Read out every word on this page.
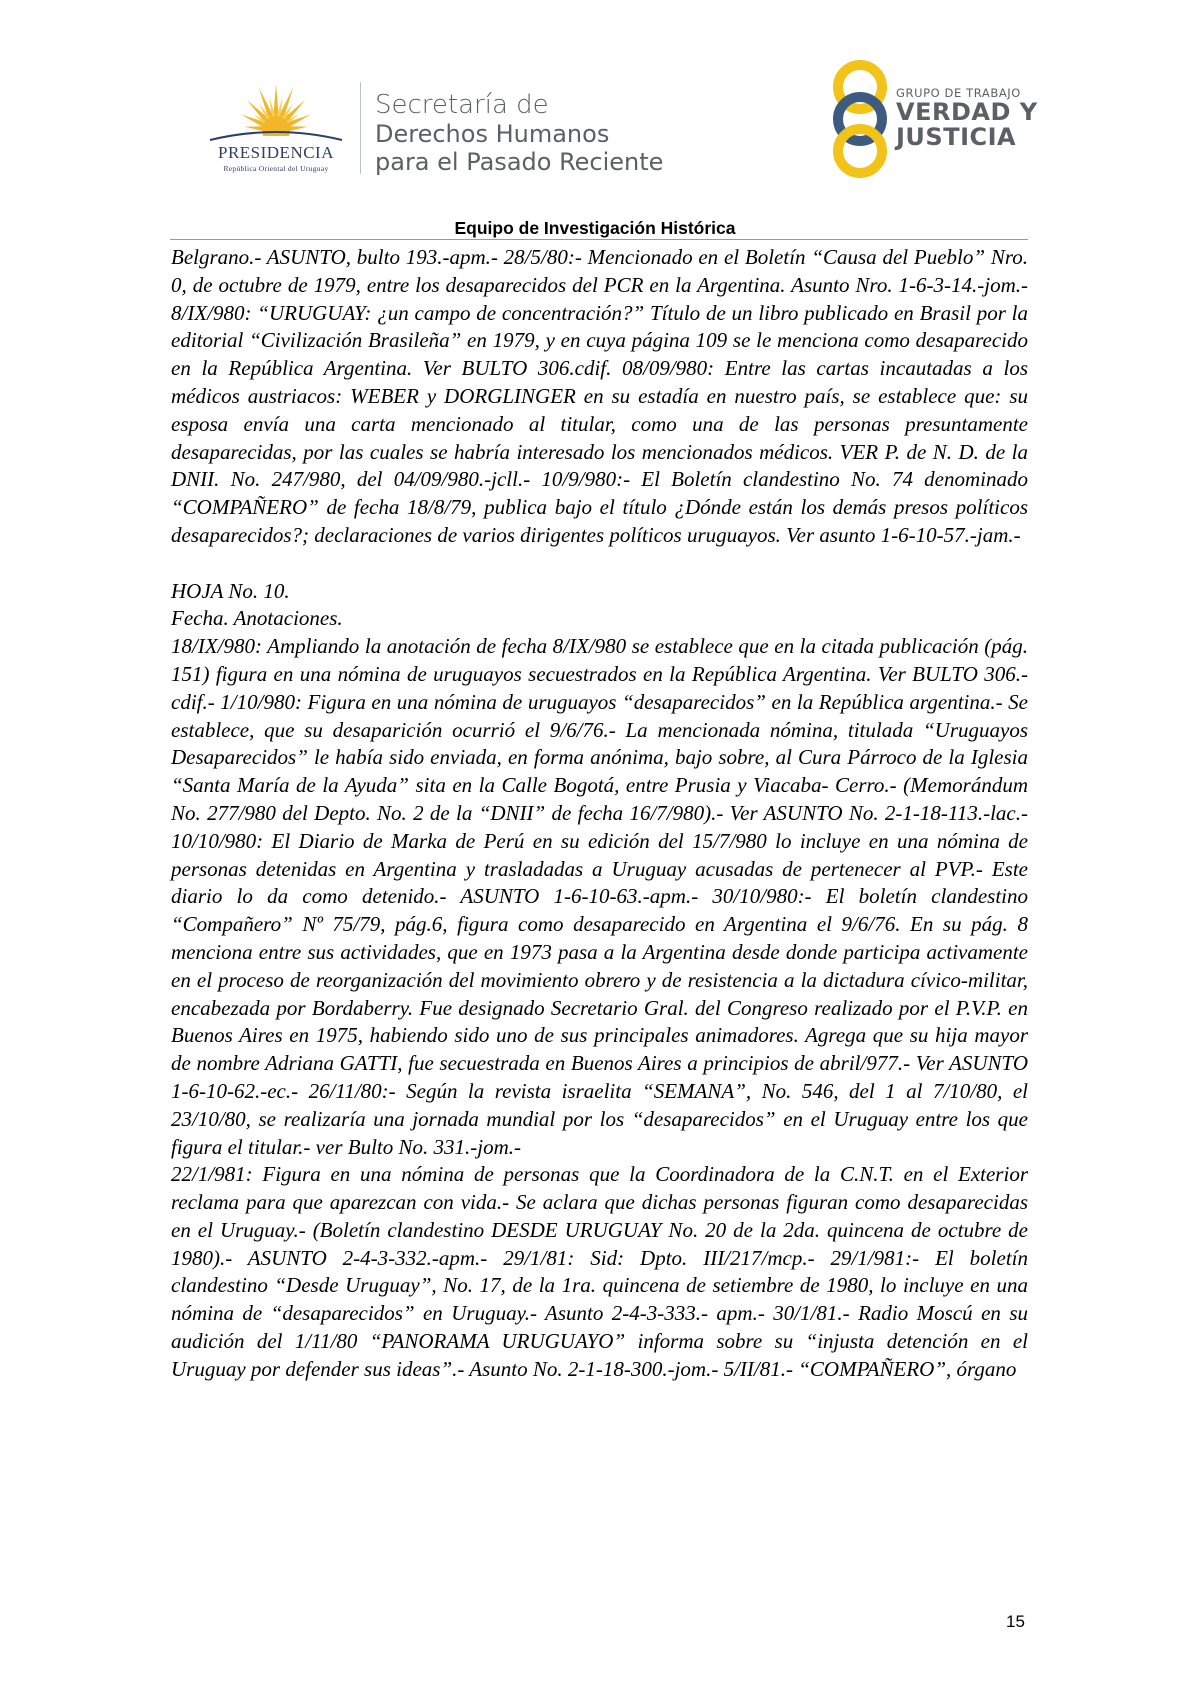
PRESIDENCIA
República Oriental del Uruguay
Secretaría de
Derechos Humanos
para el Pasado Reciente
GRUPO DE TRABAJO
VERDAD Y
JUSTICIA
Equipo de Investigación Histórica

Belgrano.- ASUNTO, bulto 193.-apm.- 28/5/80:- Mencionado en el Boletín “Causa del Pueblo” Nro. 0, de octubre de 1979, entre los desaparecidos del PCR en la Argentina. Asunto Nro. 1-6-3-14.-jom.- 8/IX/980: “URUGUAY: ¿un campo de concentración?” Título de un libro publicado en Brasil por la editorial “Civilización Brasileña” en 1979, y en cuya página 109 se le menciona como desaparecido en la República Argentina. Ver BULTO 306.cdif. 08/09/980: Entre las cartas incautadas a los médicos austriacos: WEBER y DORGLINGER en su estadía en nuestro país, se establece que: su esposa envía una carta mencionado al titular, como una de las personas presuntamente desaparecidas, por las cuales se habría interesado los mencionados médicos. VER P. de N. D. de la DNII. No. 247/980, del 04/09/980.-jcll.- 10/9/980:- El Boletín clandestino No. 74 denominado “COMPAÑERO” de fecha 18/8/79, publica bajo el título ¿Dónde están los demás presos políticos desaparecidos?; declaraciones de varios dirigentes políticos uruguayos. Ver asunto 1-6-10-57.-jam.-

HOJA No. 10.

Fecha. Anotaciones.

18/IX/980: Ampliando la anotación de fecha 8/IX/980 se establece que en la citada publicación (pág. 151) figura en una nómina de uruguayos secuestrados en la República Argentina. Ver BULTO 306.-cdif.- 1/10/980: Figura en una nómina de uruguayos “desaparecidos” en la República argentina.- Se establece, que su desaparición ocurrió el 9/6/76.- La mencionada nómina, titulada “Uruguayos Desaparecidos” le había sido enviada, en forma anónima, bajo sobre, al Cura Párroco de la Iglesia “Santa María de la Ayuda” sita en la Calle Bogotá, entre Prusia y Viacaba- Cerro.- (Memorándum No. 277/980 del Depto. No. 2 de la “DNII” de fecha 16/7/980).- Ver ASUNTO No. 2-1-18-113.-lac.- 10/10/980: El Diario de Marka de Perú en su edición del 15/7/980 lo incluye en una nómina de personas detenidas en Argentina y trasladadas a Uruguay acusadas de pertenecer al PVP.- Este diario lo da como detenido.- ASUNTO 1-6-10-63.-apm.- 30/10/980:- El boletín clandestino “Compañero” Nº 75/79, pág.6, figura como desaparecido en Argentina el 9/6/76. En su pág. 8 menciona entre sus actividades, que en 1973 pasa a la Argentina desde donde participa activamente en el proceso de reorganización del movimiento obrero y de resistencia a la dictadura cívico-militar, encabezada por Bordaberry. Fue designado Secretario Gral. del Congreso realizado por el P.V.P. en Buenos Aires en 1975, habiendo sido uno de sus principales animadores. Agrega que su hija mayor de nombre Adriana GATTI, fue secuestrada en Buenos Aires a principios de abril/977.- Ver ASUNTO 1-6-10-62.-ec.- 26/11/80:- Según la revista israelita “SEMANA”, No. 546, del 1 al 7/10/80, el 23/10/80, se realizaría una jornada mundial por los “desaparecidos” en el Uruguay entre los que figura el titular.- ver Bulto No. 331.-jom.-

22/1/981: Figura en una nómina de personas que la Coordinadora de la C.N.T. en el Exterior reclama para que aparezcan con vida.- Se aclara que dichas personas figuran como desaparecidas en el Uruguay.- (Boletín clandestino DESDE URUGUAY No. 20 de la 2da. quincena de octubre de 1980).- ASUNTO 2-4-3-332.-apm.- 29/1/81: Sid: Dpto. III/217/mcp.- 29/1/981:- El boletín clandestino “Desde Uruguay”, No. 17, de la 1ra. quincena de setiembre de 1980, lo incluye en una nómina de “desaparecidos” en Uruguay.- Asunto 2-4-3-333.- apm.- 30/1/81.- Radio Moscú en su audición del 1/11/80 “PANORAMA URUGUAYO” informa sobre su “injusta detención en el Uruguay por defender sus ideas”.- Asunto No. 2-1-18-300.-jom.- 5/II/81.- “COMPAÑERO”, órgano

15
